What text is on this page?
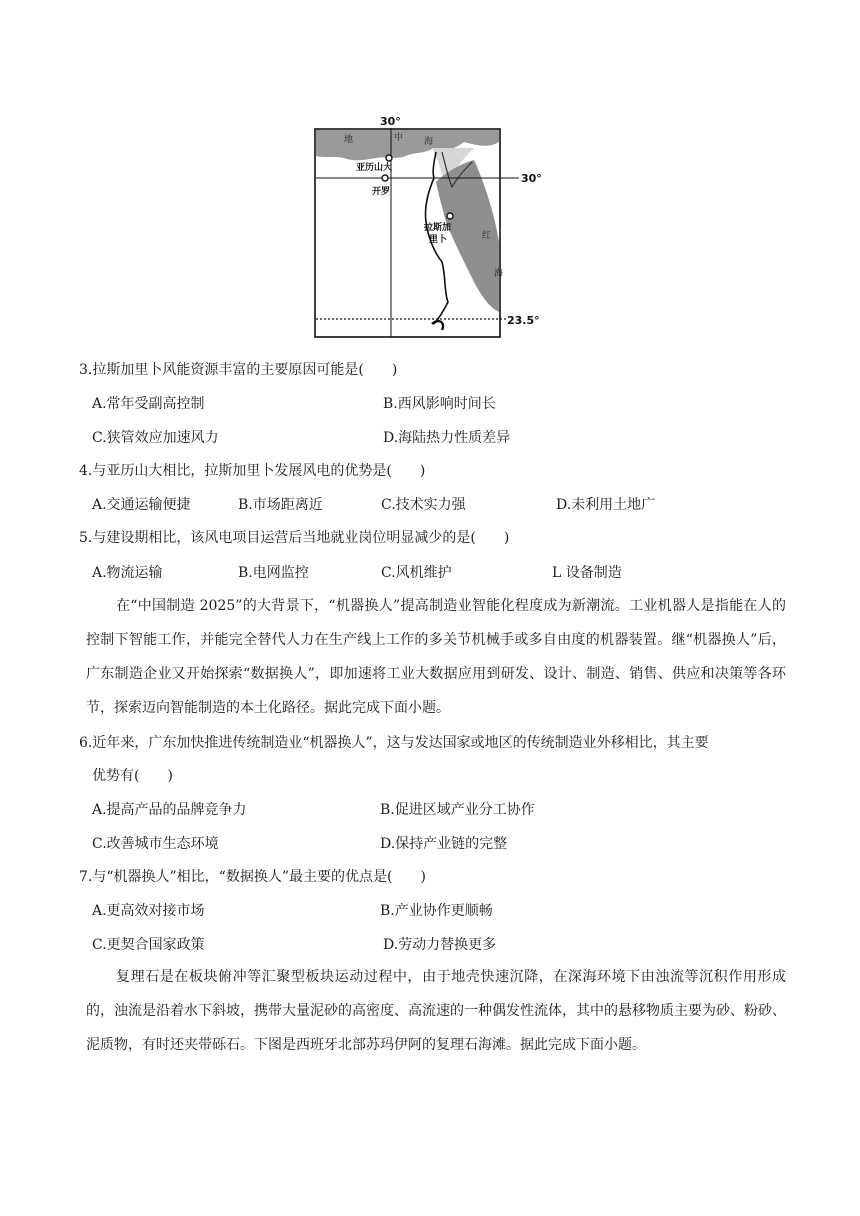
30°
30°
23.5°
地	中 海
红
海
亚历山大
开罗
拉斯加
里卜
3.拉斯加里卜风能资源丰富的主要原因可能是(　　)
A.常年受副高控制	B.西风影响时间长
C.狭管效应加速风力	D.海陆热力性质差异
4.与亚历山大相比，拉斯加里卜发展风电的优势是(　　)
A.交通运输便捷	B.市场距离近	C.技术实力强	D.未利用土地广
5.与建设期相比，该风电项目运营后当地就业岗位明显减少的是(　　)
A.物流运输	B.电网监控	C.风机维护	L 设备制造
在“中国制造 2025”的大背景下，“机器换人”提高制造业智能化程度成为新潮流。工业机器人是指能在人的控制下智能工作，并能完全替代人力在生产线上工作的多关节机械手或多自由度的机器装置。继“机器换人”后，广东制造企业又开始探索“数据换人”，即加速将工业大数据应用到研发、设计、制造、销售、供应和决策等各环节，探索迈向智能制造的本土化路径。据此完成下面小题。
6.近年来，广东加快推进传统制造业“机器换人”，这与发达国家或地区的传统制造业外移相比，其主要
优势有(　　)
A.提高产品的品牌竞争力	B.促进区域产业分工协作
C.改善城市生态环境	D.保持产业链的完整
7.与“机器换人”相比，“数据换人”最主要的优点是(　　)
A.更高效对接市场	B.产业协作更顺畅
C.更契合国家政策	D.劳动力替换更多
复理石是在板块俯冲等汇聚型板块运动过程中，由于地壳快速沉降，在深海环境下由浊流等沉积作用形成的，浊流是沿着水下斜坡，携带大量泥砂的高密度、高流速的一种偶发性流体，其中的悬移物质主要为砂、粉砂、泥质物，有时还夹带砾石。下图是西班牙北部苏玛伊阿的复理石海滩。据此完成下面小题。
